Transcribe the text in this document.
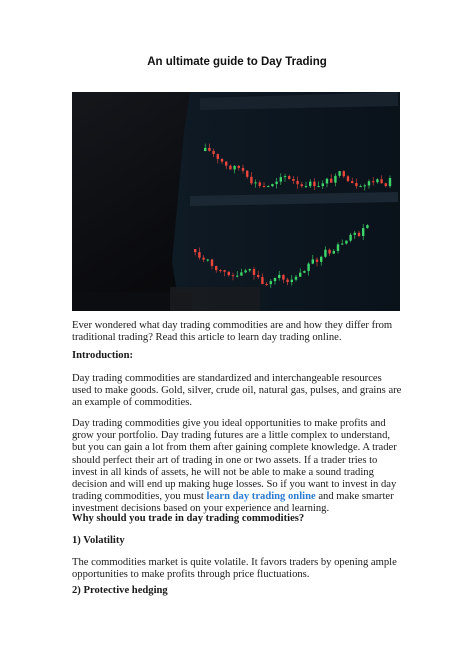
An ultimate guide to Day Trading

Ever wondered what day trading commodities are and how they differ from traditional trading? Read this article to learn day trading online.

Introduction:

Day trading commodities are standardized and interchangeable resources used to make goods. Gold, silver, crude oil, natural gas, pulses, and grains are an example of commodities.

Day trading commodities give you ideal opportunities to make profits and grow your portfolio. Day trading futures are a little complex to understand, but you can gain a lot from them after gaining complete knowledge. A trader should perfect their art of trading in one or two assets. If a trader tries to invest in all kinds of assets, he will not be able to make a sound trading decision and will end up making huge losses. So if you want to invest in day trading commodities, you must learn day trading online and make smarter investment decisions based on your experience and learning.

Why should you trade in day trading commodities?

1) Volatility

The commodities market is quite volatile. It favors traders by opening ample opportunities to make profits through price fluctuations.

2) Protective hedging
